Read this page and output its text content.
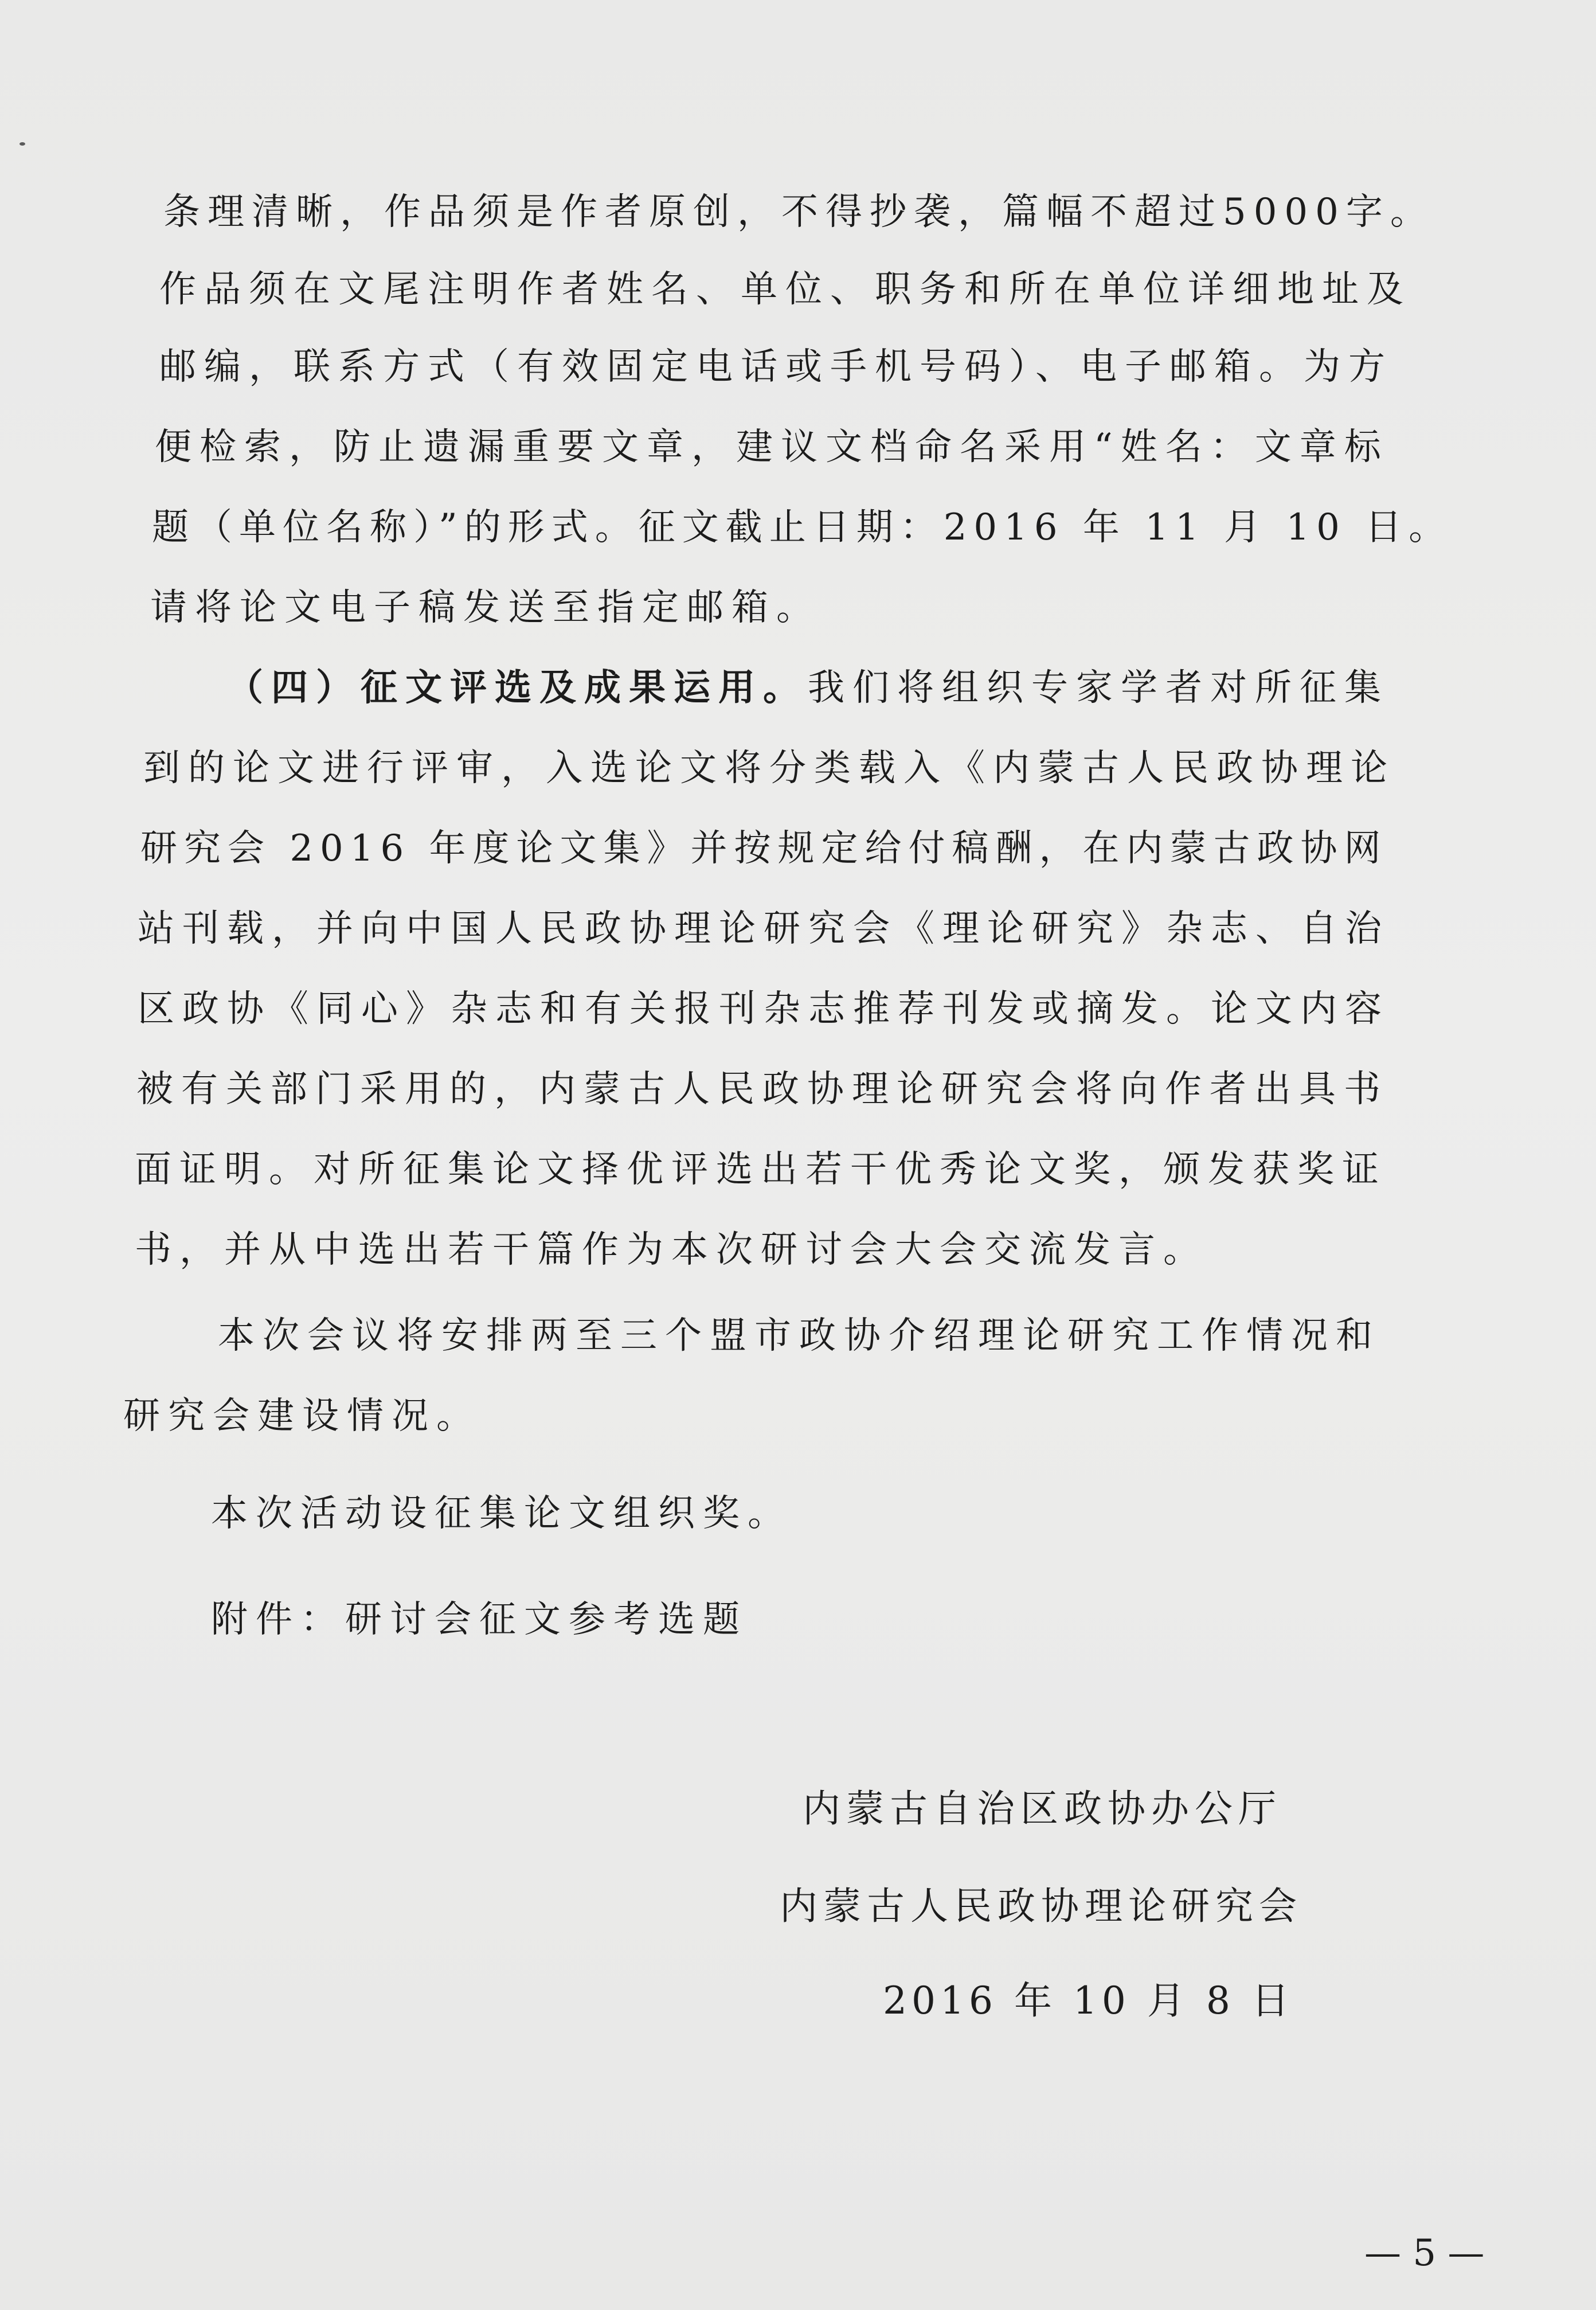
条理清晰，作品须是作者原创，不得抄袭，篇幅不超过5000字。
作品须在文尾注明作者姓名、单位、职务和所在单位详细地址及
邮编，联系方式（有效固定电话或手机号码）、电子邮箱。为方
便检索，防止遗漏重要文章，建议文档命名采用“姓名：文章标
题（单位名称）”的形式。征文截止日期：2016 年 11 月 10 日。
请将论文电子稿发送至指定邮箱。
（四）征文评选及成果运用。我们将组织专家学者对所征集
到的论文进行评审，入选论文将分类载入《内蒙古人民政协理论
研究会 2016 年度论文集》并按规定给付稿酬，在内蒙古政协网
站刊载，并向中国人民政协理论研究会《理论研究》杂志、自治
区政协《同心》杂志和有关报刊杂志推荐刊发或摘发。论文内容
被有关部门采用的，内蒙古人民政协理论研究会将向作者出具书
面证明。对所征集论文择优评选出若干优秀论文奖，颁发获奖证
书，并从中选出若干篇作为本次研讨会大会交流发言。
本次会议将安排两至三个盟市政协介绍理论研究工作情况和
研究会建设情况。
本次活动设征集论文组织奖。
附件：研讨会征文参考选题
内蒙古自治区政协办公厅
内蒙古人民政协理论研究会
2016 年 10 月 8 日
— 5 —
